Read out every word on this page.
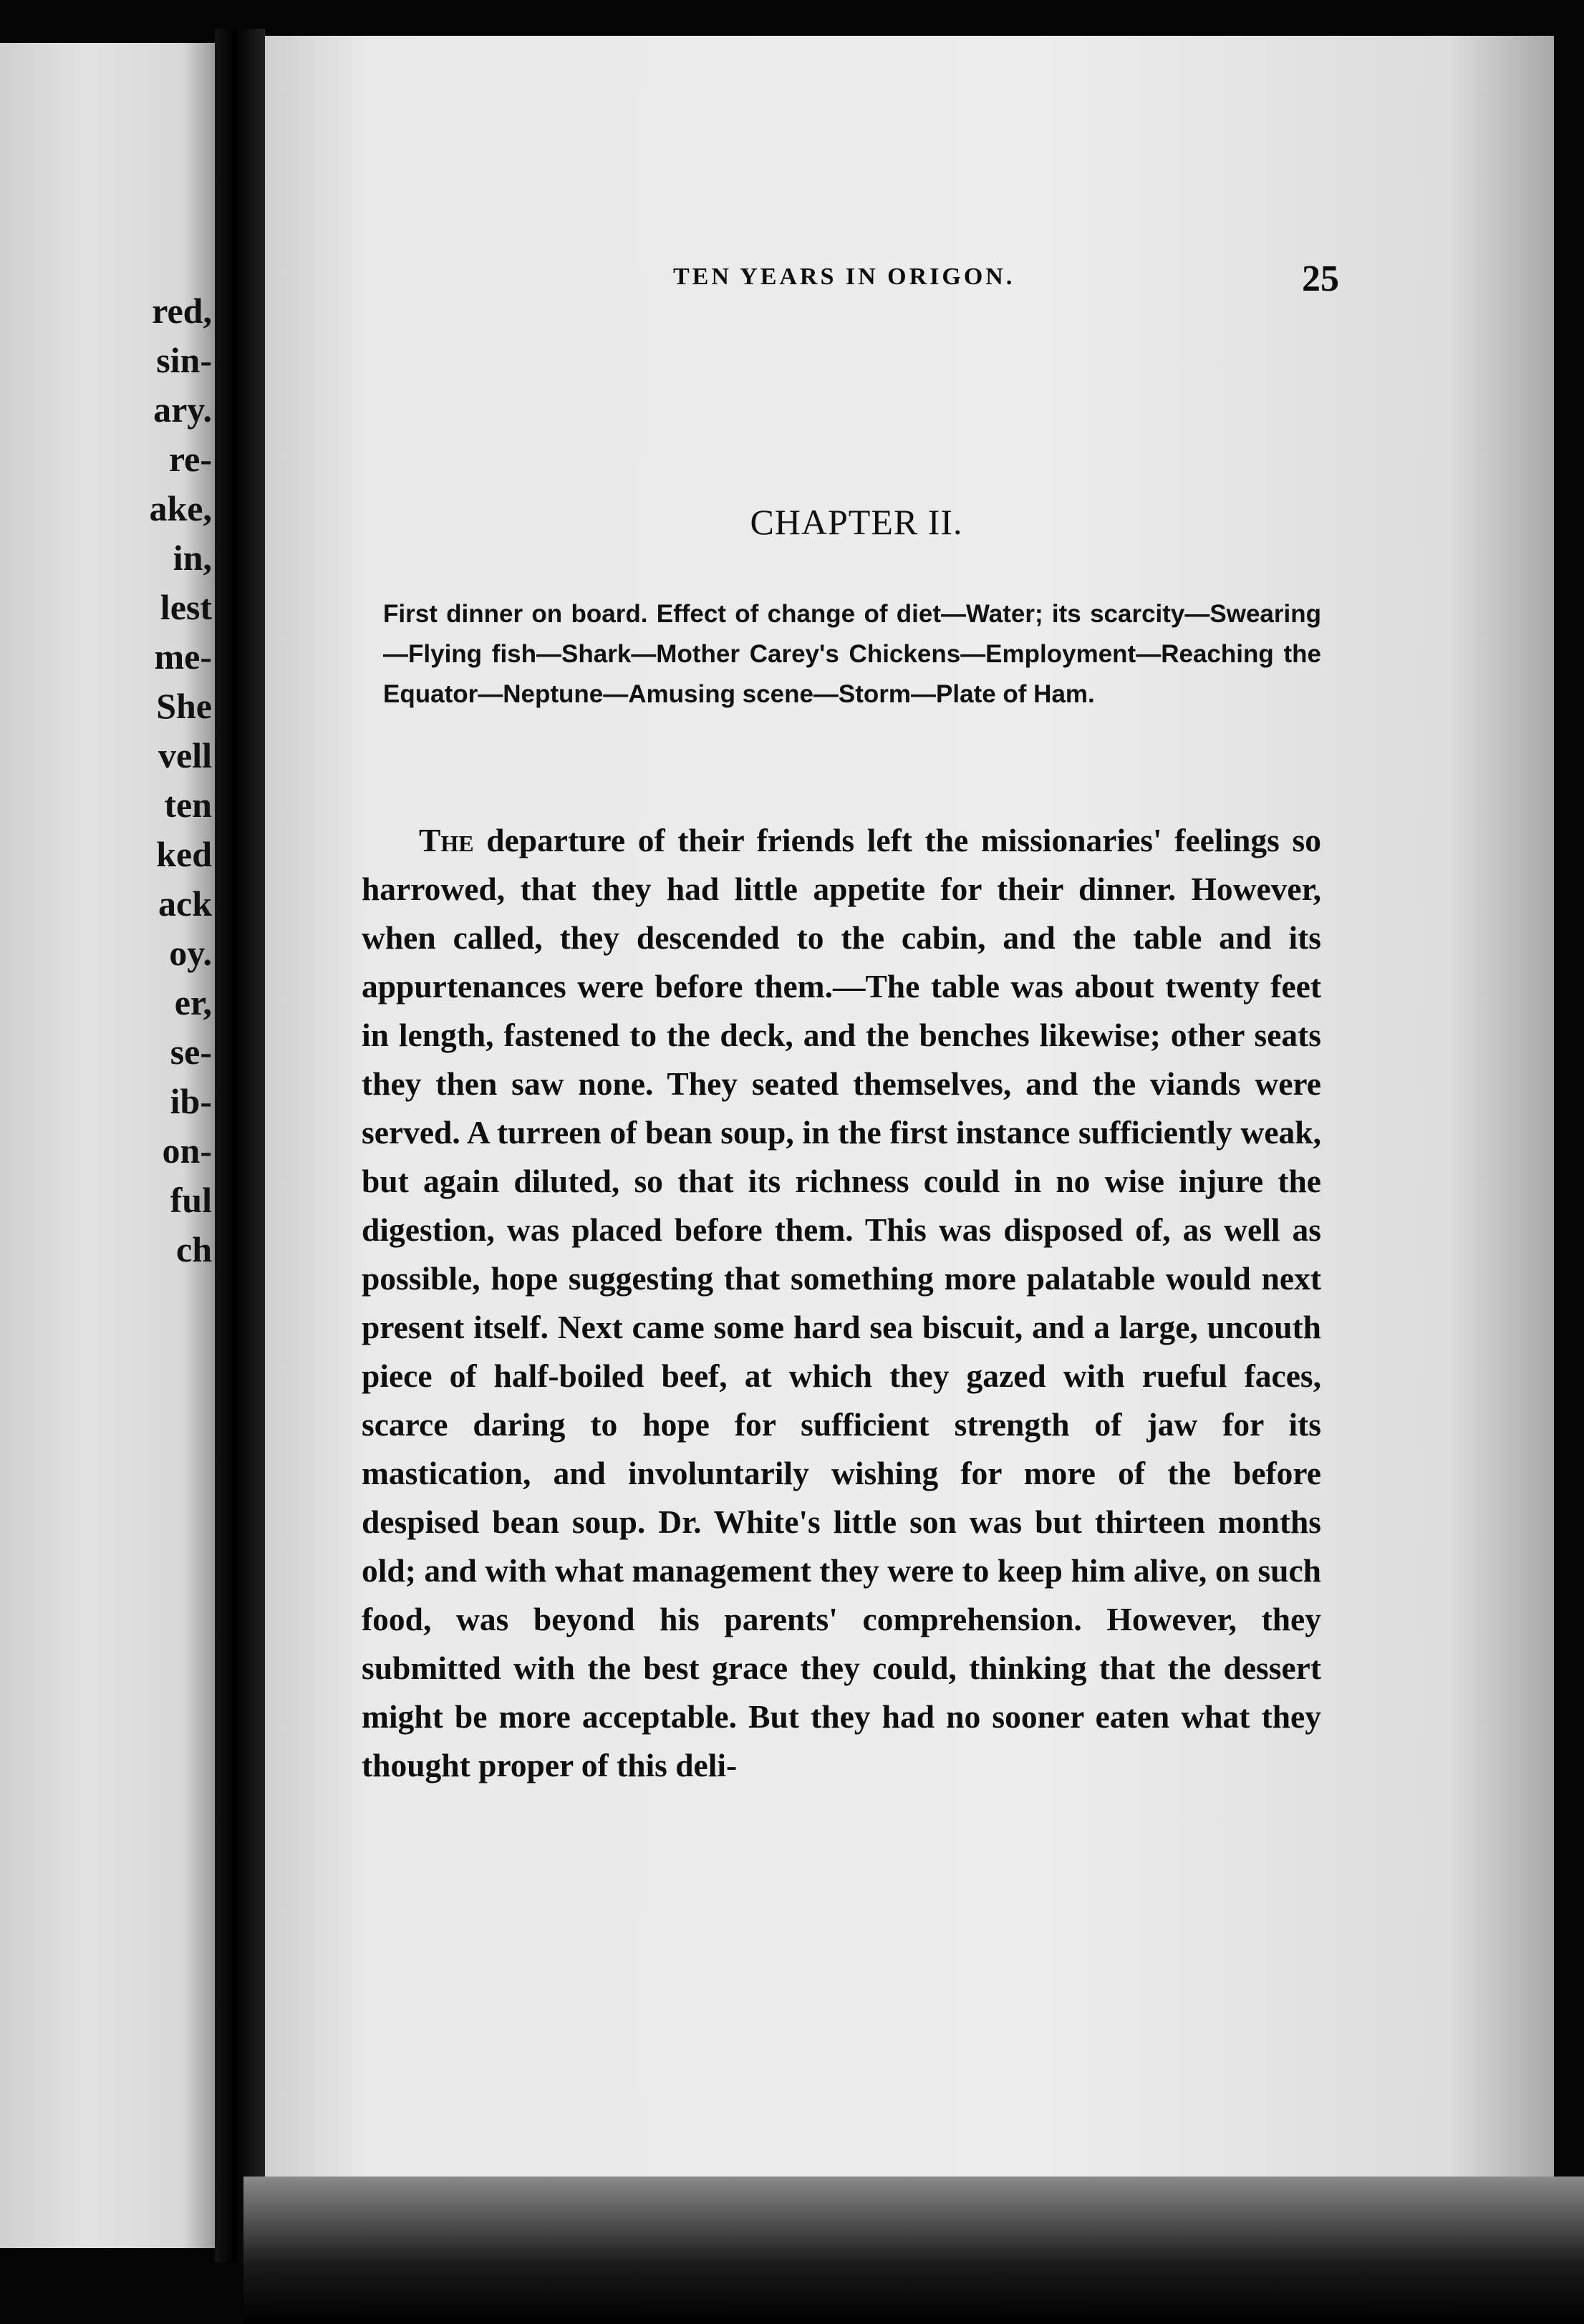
red,
sin-
ary.
re-
ake,
in,
lest
me-
She
vell
ten
ked
ack
oy.
er,
se-
ib-
on-
ful
ch
TEN YEARS IN ORIGON.	25
CHAPTER II.

First dinner on board. Effect of change of diet—Water; its scarcity—Swearing—Flying fish—Shark—Mother Carey's Chickens—Employment—Reaching the Equator—Neptune—Amusing scene—Storm—Plate of Ham.

The departure of their friends left the missionaries' feelings so harrowed, that they had little appetite for their dinner. However, when called, they descended to the cabin, and the table and its appurtenances were before them.—The table was about twenty feet in length, fastened to the deck, and the benches likewise; other seats they then saw none. They seated themselves, and the viands were served. A turreen of bean soup, in the first instance sufficiently weak, but again diluted, so that its richness could in no wise injure the digestion, was placed before them. This was disposed of, as well as possible, hope suggesting that something more palatable would next present itself. Next came some hard sea biscuit, and a large, uncouth piece of half-boiled beef, at which they gazed with rueful faces, scarce daring to hope for sufficient strength of jaw for its mastication, and involuntarily wishing for more of the before despised bean soup. Dr. White's little son was but thirteen months old; and with what management they were to keep him alive, on such food, was beyond his parents' comprehension. However, they submitted with the best grace they could, thinking that the dessert might be more acceptable. But they had no sooner eaten what they thought proper of this deli-
